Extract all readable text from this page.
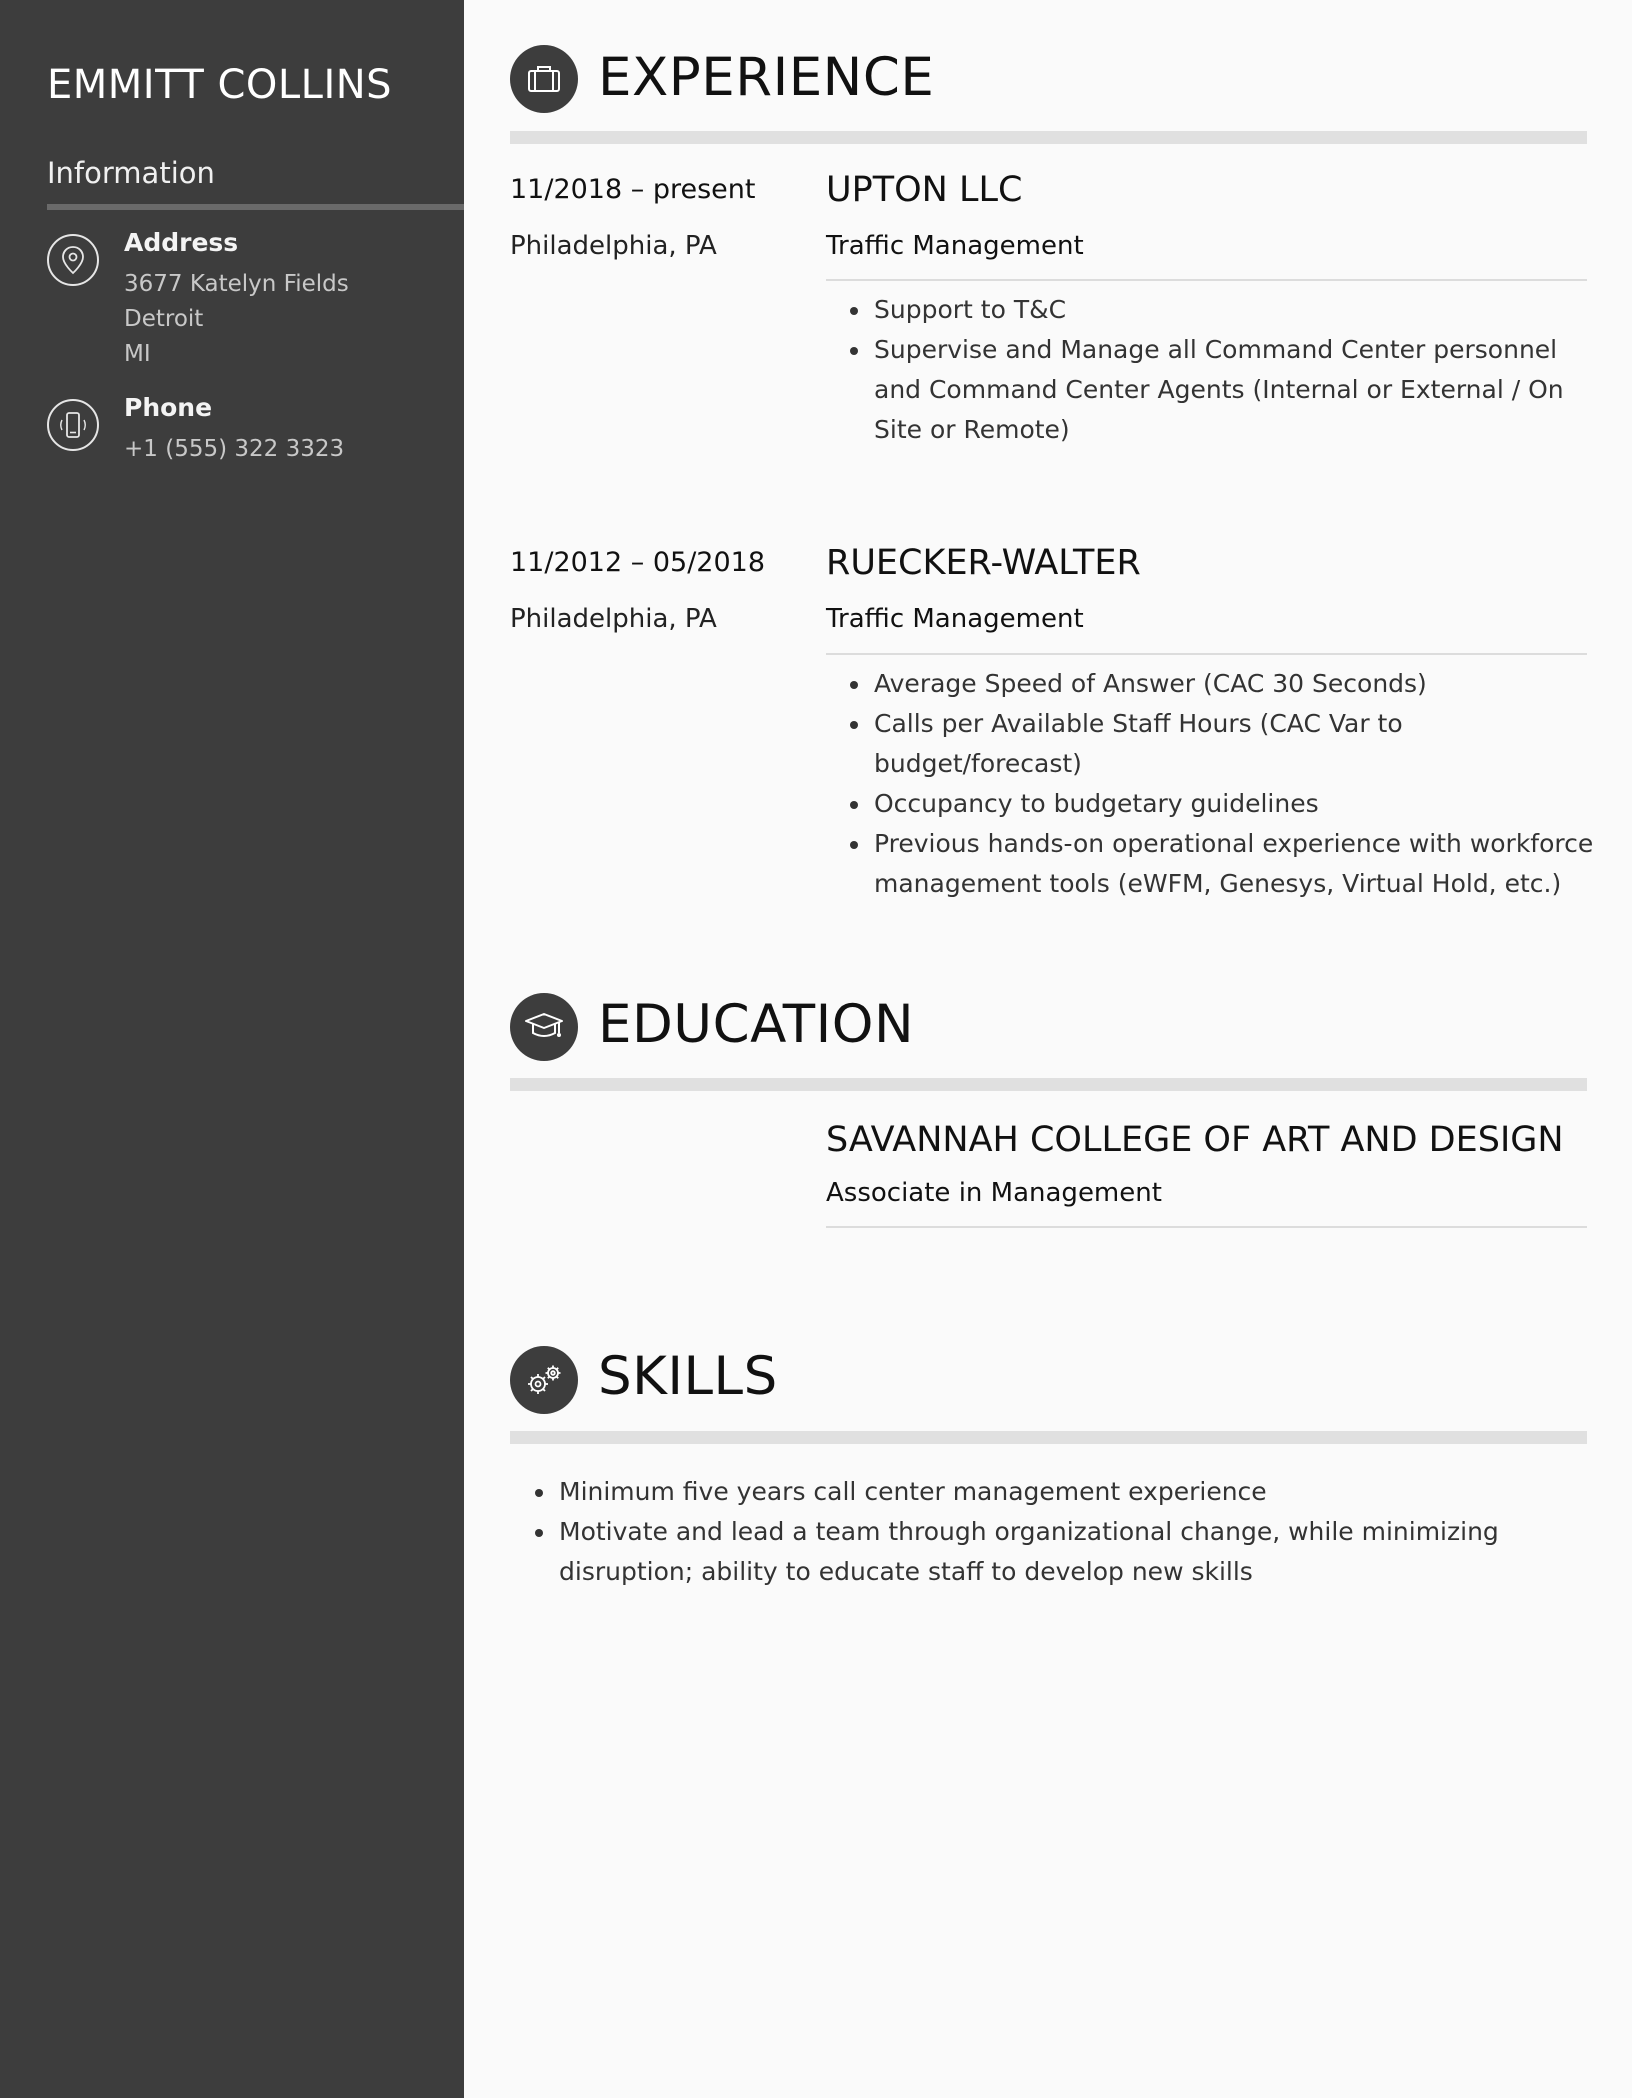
EMMITT COLLINS
Information
Address
3677 Katelyn Fields
Detroit
MI
Phone
+1 (555) 322 3323
EXPERIENCE
11/2018 – present
Philadelphia, PA
UPTON LLC
Traffic Management
Support to T&C
Supervise and Manage all Command Center personnel and Command Center Agents (Internal or External / On Site or Remote)
11/2012 – 05/2018
Philadelphia, PA
RUECKER-WALTER
Traffic Management
Average Speed of Answer (CAC 30 Seconds)
Calls per Available Staff Hours (CAC Var to budget/forecast)
Occupancy to budgetary guidelines
Previous hands-on operational experience with workforce management tools (eWFM, Genesys, Virtual Hold, etc.)
EDUCATION
SAVANNAH COLLEGE OF ART AND DESIGN
Associate in Management
SKILLS
Minimum five years call center management experience
Motivate and lead a team through organizational change, while minimizing disruption; ability to educate staff to develop new skills
